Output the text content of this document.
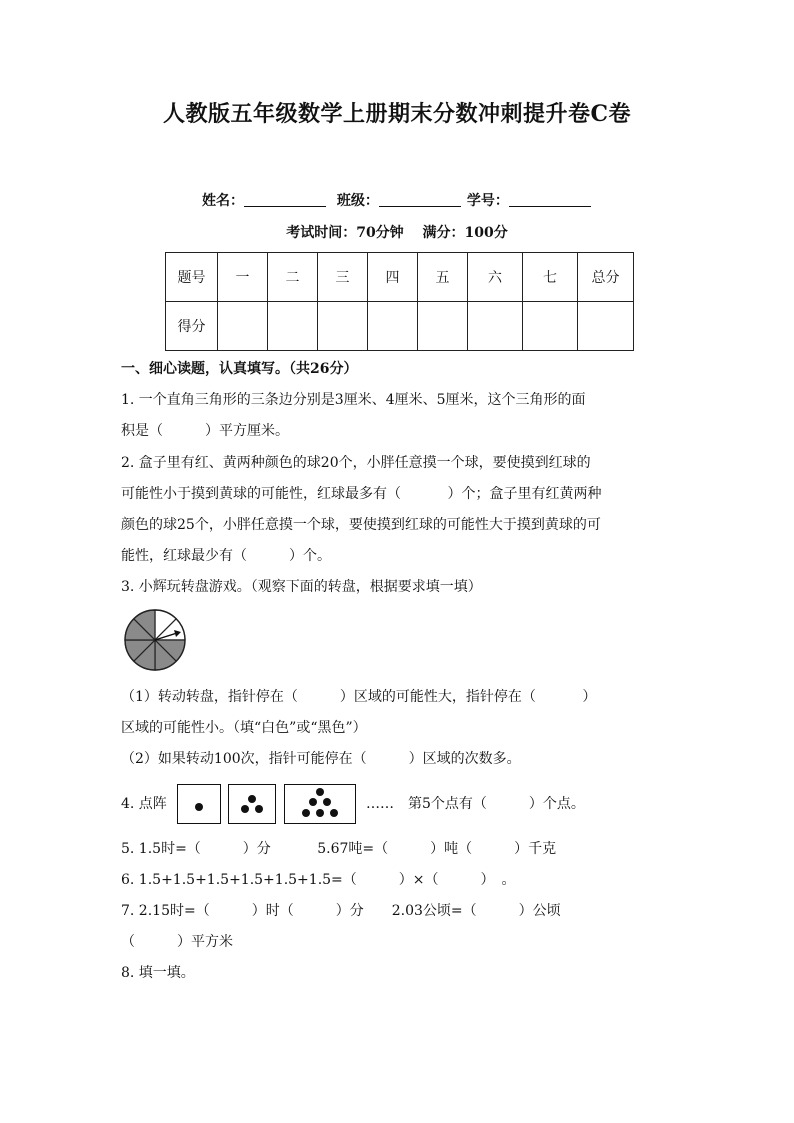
人教版五年级数学上册期末分数冲刺提升卷C卷
姓名：	班级：	学号：
考试时间：70分钟　 满分：100分
题号	一	二	三	四	五	六	七	总分
得分								
一、细心读题，认真填写。（共26分）
1. 一个直角三角形的三条边分别是3厘米、4厘米、5厘米，这个三角形的面
积是（　　　）平方厘米。
2. 盒子里有红、黄两种颜色的球20个，小胖任意摸一个球，要使摸到红球的
可能性小于摸到黄球的可能性，红球最多有（　　　 ）个；盒子里有红黄两种
颜色的球25个，小胖任意摸一个球，要使摸到红球的可能性大于摸到黄球的可
能性，红球最少有（　　　）个。
3. 小辉玩转盘游戏。（观察下面的转盘，根据要求填一填）
（1）转动转盘，指针停在（　　　）区域的可能性大，指针停在（　　　 ）
区域的可能性小。（填“白色”或“黑色”）
（2）如果转动100次，指针可能停在（　　　）区域的次数多。
4. 点阵	……　第5个点有（　　　）个点。
5. 1.5时=（　　　）分　　　 5.67吨=（　　　）吨（　　　）千克
6. 1.5+1.5+1.5+1.5+1.5+1.5=（　　　）×（　　　）　。
7. 2.15时=（　　　）时（　　　）分　　2.03公顷=（　　　）公顷
（　　　）平方米
8. 填一填。
